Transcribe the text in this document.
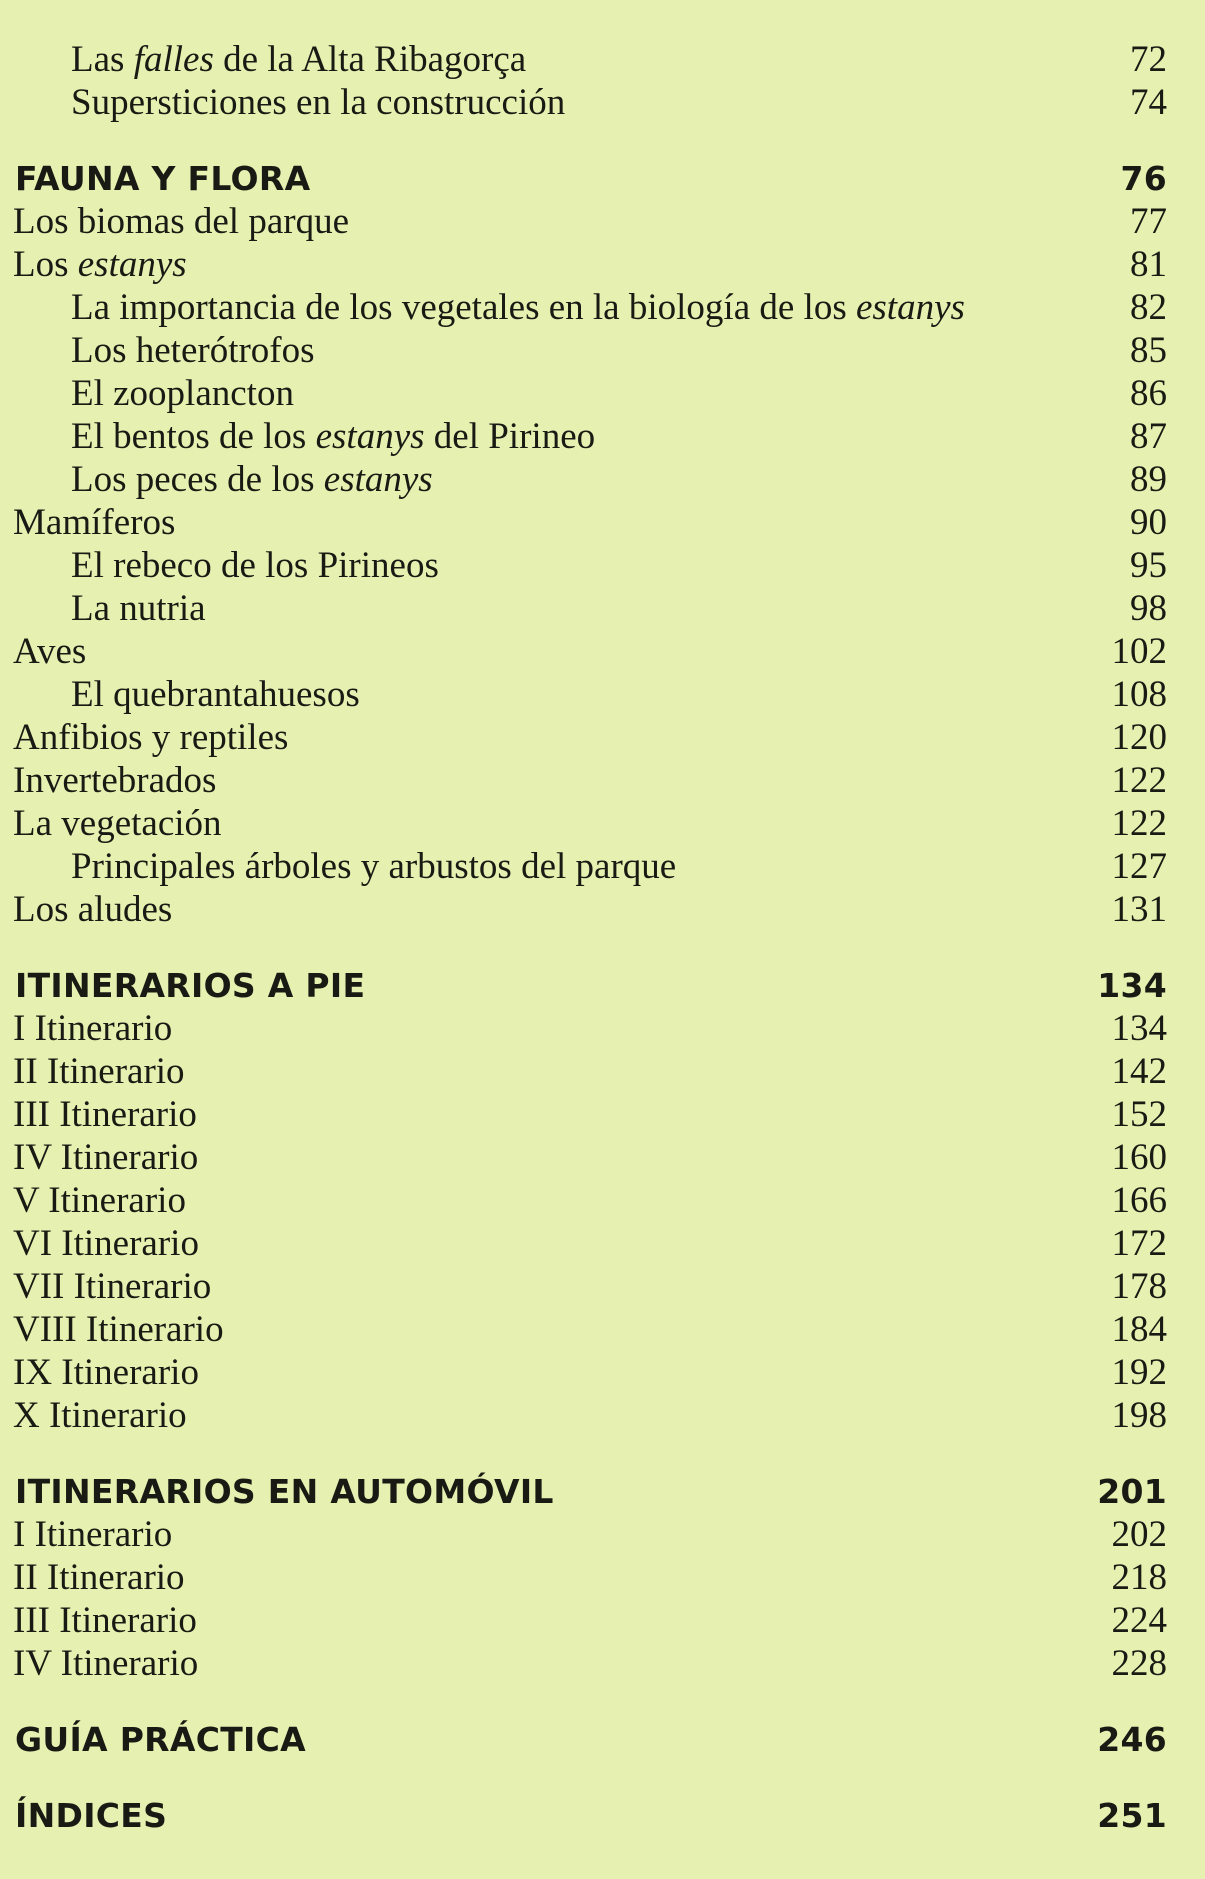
Las falles de la Alta Ribagorça	72
Supersticiones en la construcción	74
FAUNA Y FLORA	76
Los biomas del parque	77
Los estanys	81
La importancia de los vegetales en la biología de los estanys	82
Los heterótrofos	85
El zooplancton	86
El bentos de los estanys del Pirineo	87
Los peces de los estanys	89
Mamíferos	90
El rebeco de los Pirineos	95
La nutria	98
Aves	102
El quebrantahuesos	108
Anfibios y reptiles	120
Invertebrados	122
La vegetación	122
Principales árboles y arbustos del parque	127
Los aludes	131
ITINERARIOS A PIE	134
I Itinerario	134
II Itinerario	142
III Itinerario	152
IV Itinerario	160
V Itinerario	166
VI Itinerario	172
VII Itinerario	178
VIII Itinerario	184
IX Itinerario	192
X Itinerario	198
ITINERARIOS EN AUTOMÓVIL	201
I Itinerario	202
II Itinerario	218
III Itinerario	224
IV Itinerario	228
GUÍA PRÁCTICA	246
ÍNDICES	251
